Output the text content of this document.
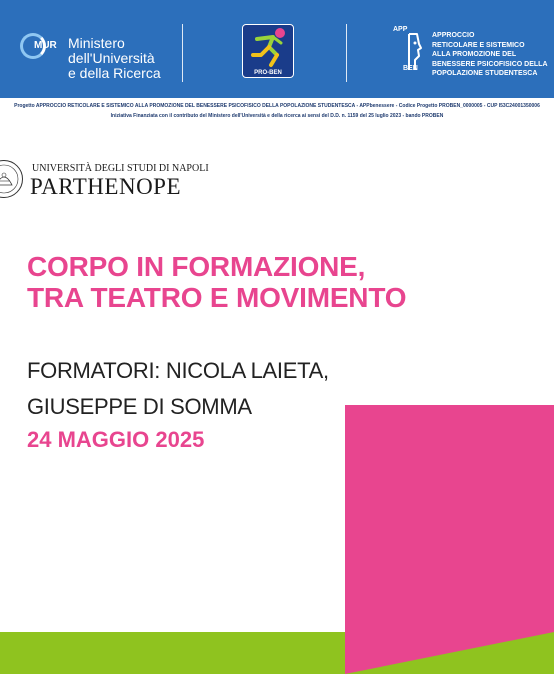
MUR Ministero
dell'Università
e della Ricerca	PRO-BEN
APP
BEN
APPROCCIO
RETICOLARE E SISTEMICO
ALLA PROMOZIONE DEL
BENESSERE PSICOFISICO DELLA
POPOLAZIONE STUDENTESCA
Progetto APPROCCIO RETICOLARE E SISTEMICO ALLA PROMOZIONE DEL BENESSERE PSICOFISICO DELLA POPOLAZIONE STUDENTESCA - APPbenessere - Codice Progetto PROBEN_0000005 - CUP I53C24001350006
Iniziativa Finanziata con il contributo del Ministero dell'Università e della ricerca ai sensi del D.D. n. 1159 del 25 luglio 2023 - bando PROBEN
UNIVERSITÀ DEGLI STUDI DI NAPOLI
PARTHENOPE
CORPO IN FORMAZIONE,
TRA TEATRO E MOVIMENTO
FORMATORI: NICOLA LAIETA,
GIUSEPPE DI SOMMA
24 MAGGIO 2025
